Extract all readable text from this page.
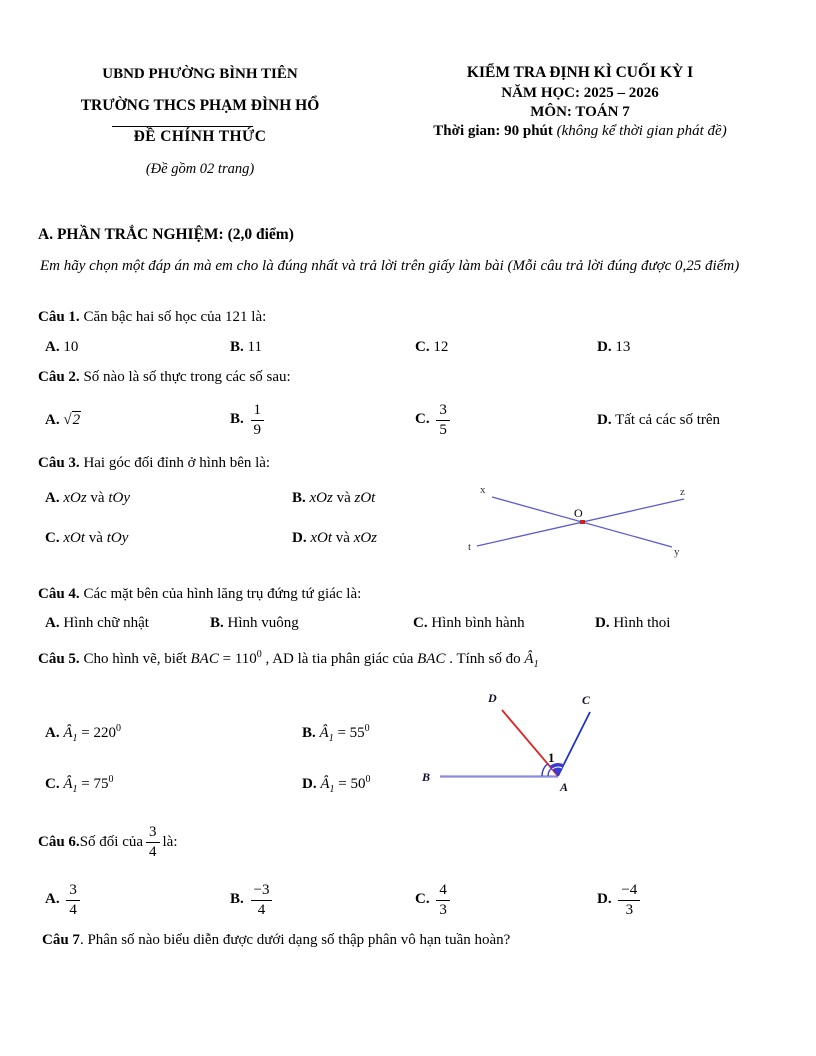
UBND PHƯỜNG BÌNH TIÊN
TRƯỜNG THCS PHẠM ĐÌNH HỔ
ĐỀ CHÍNH THỨC
(Đề gồm 02 trang)
KIỂM TRA ĐỊNH KÌ CUỐI KỲ I
NĂM HỌC: 2025 – 2026
MÔN: TOÁN 7
Thời gian: 90 phút (không kể thời gian phát đề)
A. PHẦN TRẮC NGHIỆM: (2,0 điểm)
Em hãy chọn một đáp án mà em cho là đúng nhất và trả lời trên giấy làm bài (Mỗi câu trả lời đúng được 0,25 điểm)
Câu 1. Căn bậc hai số học của 121 là:
A. 10	B. 11	C. 12	D. 13
Câu 2. Số nào là số thực trong các số sau:
A. √2	B. $\frac{1}{9}$	C. $\frac{3}{5}$	D. Tất cả các số trên
Câu 3. Hai góc đối đỉnh ở hình bên là:
A. xOz và tOy	B. xOz và zOt
C. xOt và tOy	D. xOt và xOz
x	z
O
t	y
Câu 4. Các mặt bên của hình lăng trụ đứng tứ giác là:
A. Hình chữ nhật	B. Hình vuông	C. Hình bình hành	D. Hình thoi
Câu 5. Cho hình vẽ, biết BAC = $110^0$ , AD là tia phân giác của BAC . Tính số đo $Â_1$
A. $Â_1 = 220^0$	B. $Â_1 = 55^0$
C. $Â_1 = 75^0$	D. $Â_1 = 50^0$
D	C
B
A
1
Câu 6. Số đối của $\frac{3}{4}$ là:
A. $\frac{3}{4}$	B. $\frac{-3}{4}$	C. $\frac{4}{3}$	D. $\frac{-4}{3}$
Câu 7. Phân số nào biểu diễn được dưới dạng số thập phân vô hạn tuần hoàn?
